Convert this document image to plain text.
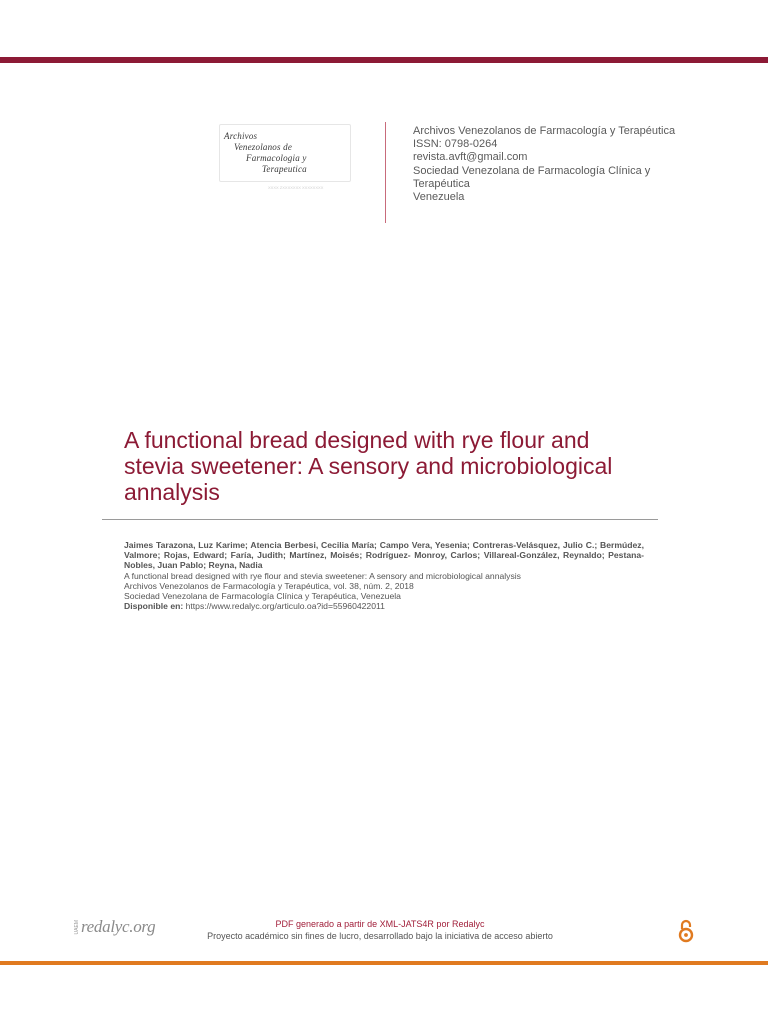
Archivos
Venezolanos de
Farmacologia y
Terapeutica
XXXX ZXXXXXXX XXXXXXXX
Archivos Venezolanos de Farmacología y Terapéutica
ISSN: 0798-0264
revista.avft@gmail.com
Sociedad Venezolana de Farmacología Clínica y Terapéutica
Venezuela
A functional bread designed with rye flour and stevia sweetener: A sensory and microbiological annalysis
Jaimes Tarazona, Luz Karime; Atencia Berbesi, Cecilia María; Campo Vera, Yesenia; Contreras-Velásquez, Julio C.; Bermúdez, Valmore; Rojas, Edward; Faría, Judith; Martínez, Moisés; Rodríguez- Monroy, Carlos; Villareal-González, Reynaldo; Pestana-Nobles, Juan Pablo; Reyna, Nadia
A functional bread designed with rye flour and stevia sweetener: A sensory and microbiological annalysis
Archivos Venezolanos de Farmacología y Terapéutica, vol. 38, núm. 2, 2018
Sociedad Venezolana de Farmacología Clínica y Terapéutica, Venezuela
Disponible en: https://www.redalyc.org/articulo.oa?id=55960422011
UAEM redalyc.org	PDF generado a partir de XML-JATS4R por Redalyc
Proyecto académico sin fines de lucro, desarrollado bajo la iniciativa de acceso abierto
